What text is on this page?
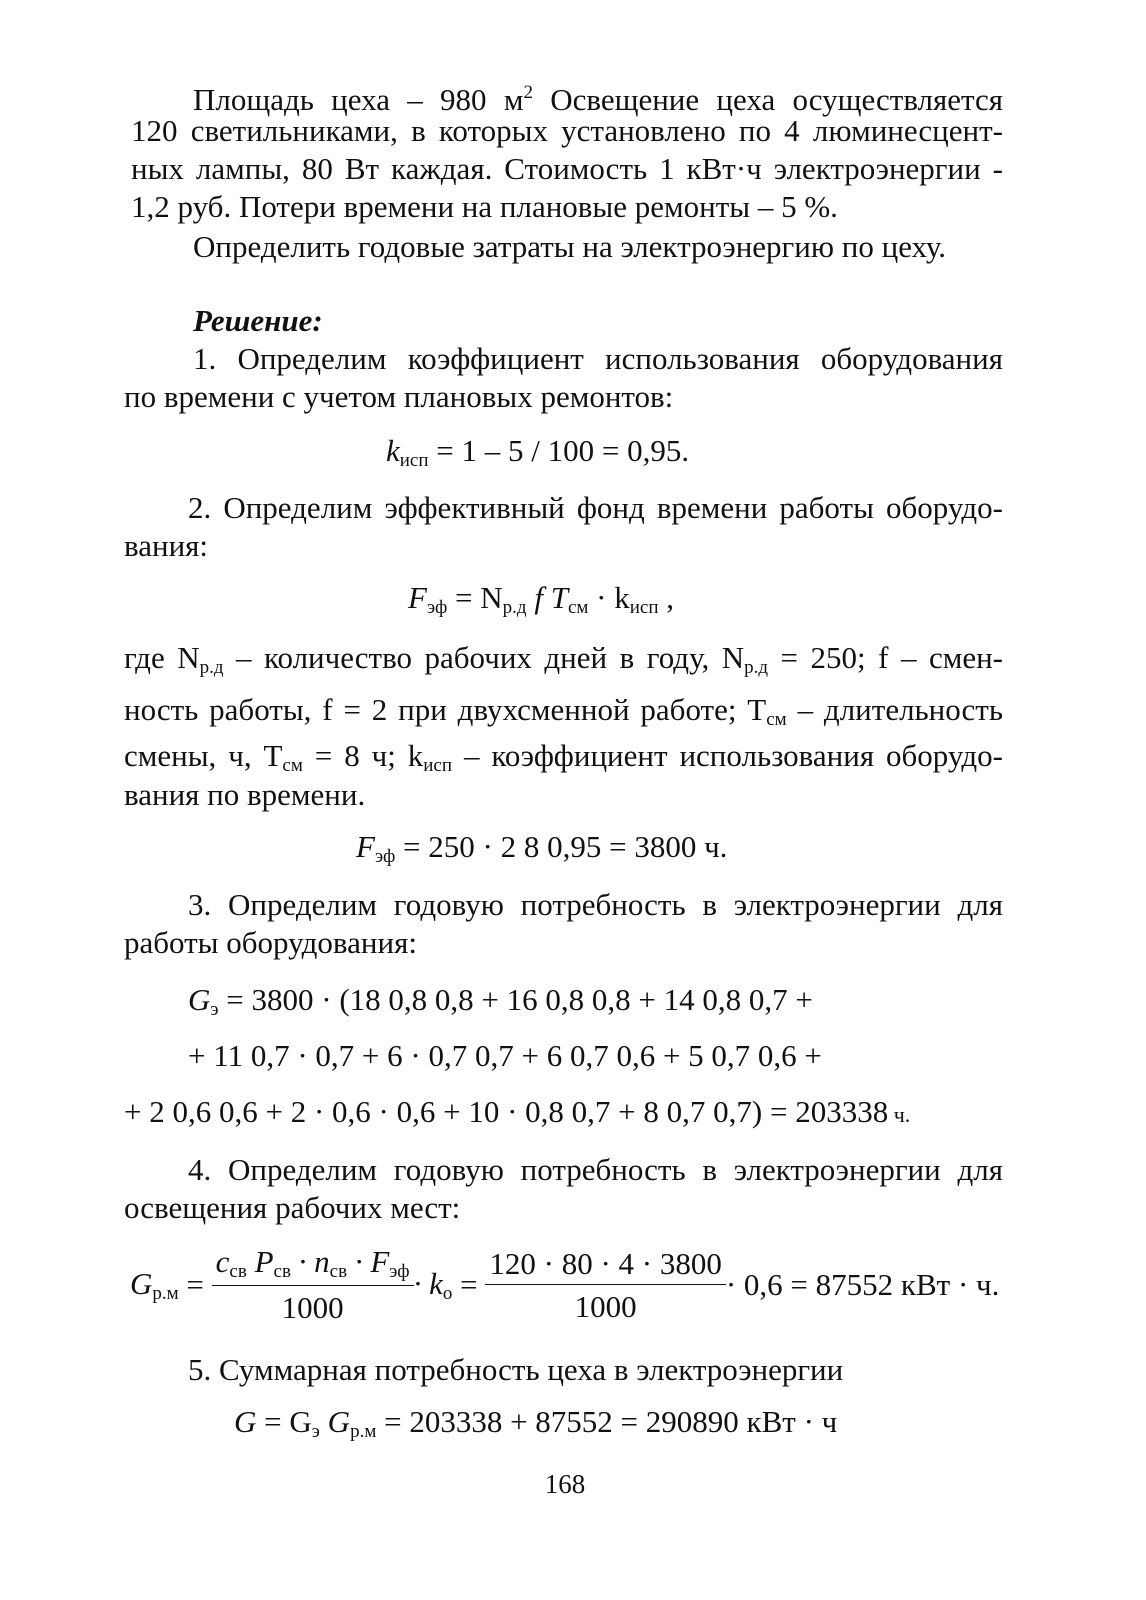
Площадь цеха – 980 $м^2$ Освещение цеха осуществляется
120 светильниками, в которых установлено по 4 люминесцент-
ных лампы, 80 Вт каждая. Стоимость 1 кВт·ч электроэнергии -
1,2 руб. Потери времени на плановые ремонты – 5 %.
Определить годовые затраты на электроэнергию по цеху.
Решение:
1. Определим коэффициент использования оборудования
по времени с учетом плановых ремонтов:
$k_{исп} = 1 - 5 / 100 = 0,95$.
2. Определим эффективный фонд времени работы оборудо-
вания:
$F_{эф} = N_{р.д}$ f $T_{см} \cdot k_{исп}$ ,
где $N_{р.д}$ – количество рабочих дней в году, $N_{р.д} = 250$; f – смен-
ность работы, f = 2 при двухсменной работе; $T_{см}$ – длительность
смены, ч, $T_{см} = 8$ ч; $k_{исп}$ – коэффициент использования оборудо-
вания по времени.
$F_{эф} = 250 \cdot 2$ 8 0,95 = 3800 ч.
3. Определим годовую потребность в электроэнергии для
работы оборудования:
$G_э = 3800 \cdot (18$ 0,8 0,8 + 16 0,8 0,8 + 14 0,8 0,7 +
+ 11 0,7 · 0,7 + 6 · 0,7 0,7 + 6 0,7 0,6 + 5 0,7 0,6 +
+ 2 0,6 0,6 + 2 · 0,6 · 0,6 + 10 · 0,8 0,7 + 8 0,7 0,7) = 203338 ч.
4. Определим годовую потребность в электроэнергии для
освещения рабочих мест:
$G_{р.м} = \frac{c_{св} P_{св} \cdot n_{св} \cdot F_{эф}}{1000} \cdot k_о = \frac{120 \cdot 80 \cdot 4 \cdot 3800}{1000} \cdot 0,6 = 87552$ кВт · ч.
5. Суммарная потребность цеха в электроэнергии
$G = G_э$ $G_{р.м} = 203338 + 87552 = 290890$ кВт · ч
168
